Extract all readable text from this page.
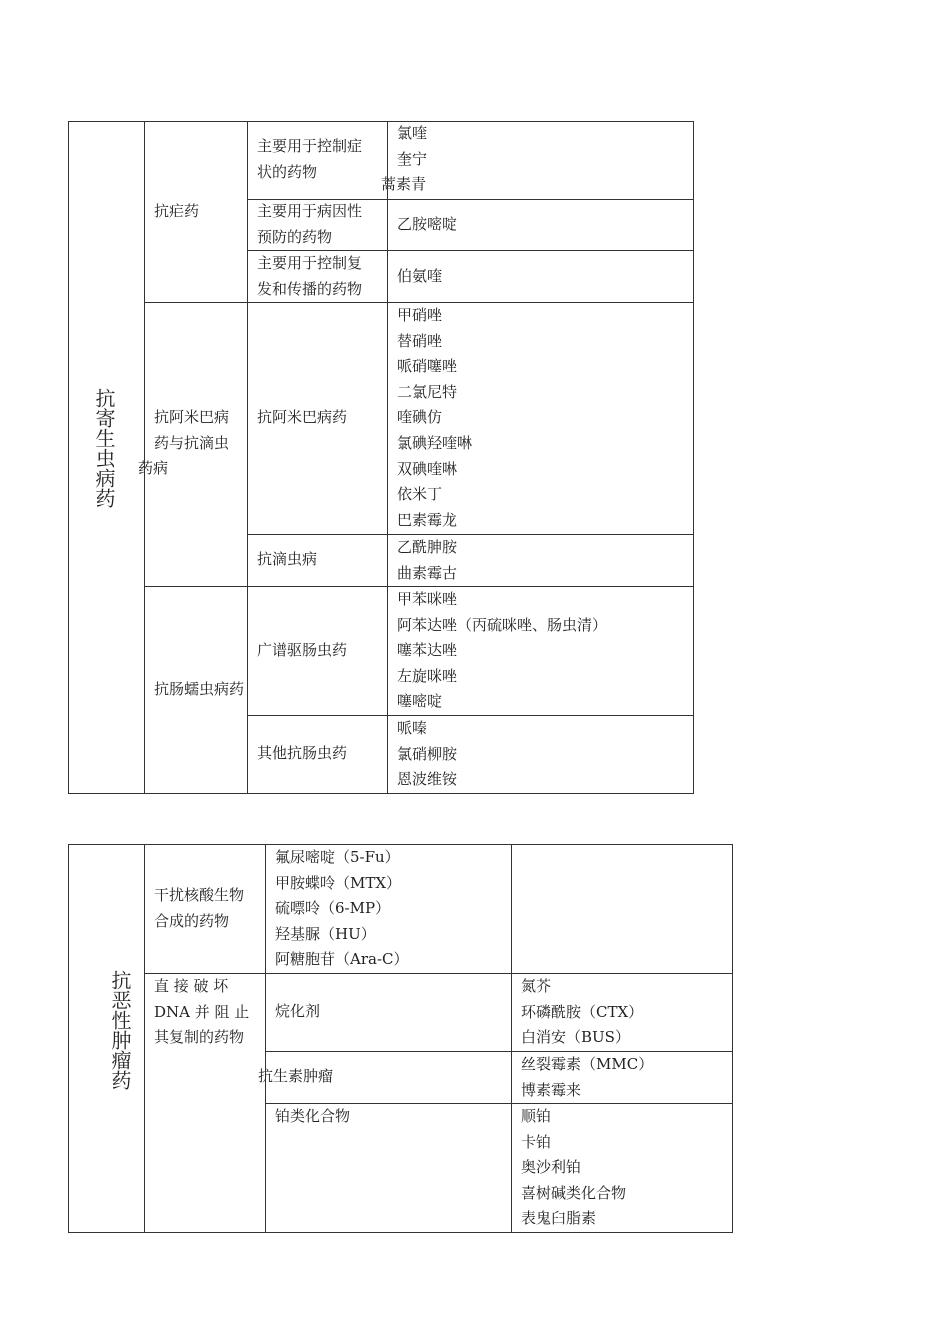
抗寄生虫病药
抗疟药
主要用于控制症
状的药物
氯喹
奎宁
蒿素青
主要用于病因性
预防的药物
乙胺嘧啶
主要用于控制复
发和传播的药物
伯氨喹
抗阿米巴病
药与抗滴虫
药病
抗阿米巴病药
甲硝唑
替硝唑
哌硝噻唑
二氯尼特
喹碘仿
氯碘羟喹啉
双碘喹啉
依米丁
巴素霉龙
抗滴虫病
乙酰胂胺
曲素霉古
抗肠蠕虫病药
广谱驱肠虫药
甲苯咪唑
阿苯达唑（丙硫咪唑、肠虫清）
噻苯达唑
左旋咪唑
噻嘧啶
其他抗肠虫药
哌嗪
氯硝柳胺
恩波维铵
抗恶性肿瘤药
干扰核酸生物
合成的药物
氟尿嘧啶（5-Fu）
甲胺蝶呤（MTX）
硫嘌呤（6-MP）
羟基脲（HU）
阿糖胞苷（Ara-C）
直 接 破 坏
DNA 并 阻 止
其复制的药物
烷化剂
氮芥
环磷酰胺（CTX）
白消安（BUS）
抗生素肿瘤
丝裂霉素（MMC）
博素霉来
铂类化合物	顺铂
卡铂
奥沙利铂
喜树碱类化合物
表鬼臼脂素
